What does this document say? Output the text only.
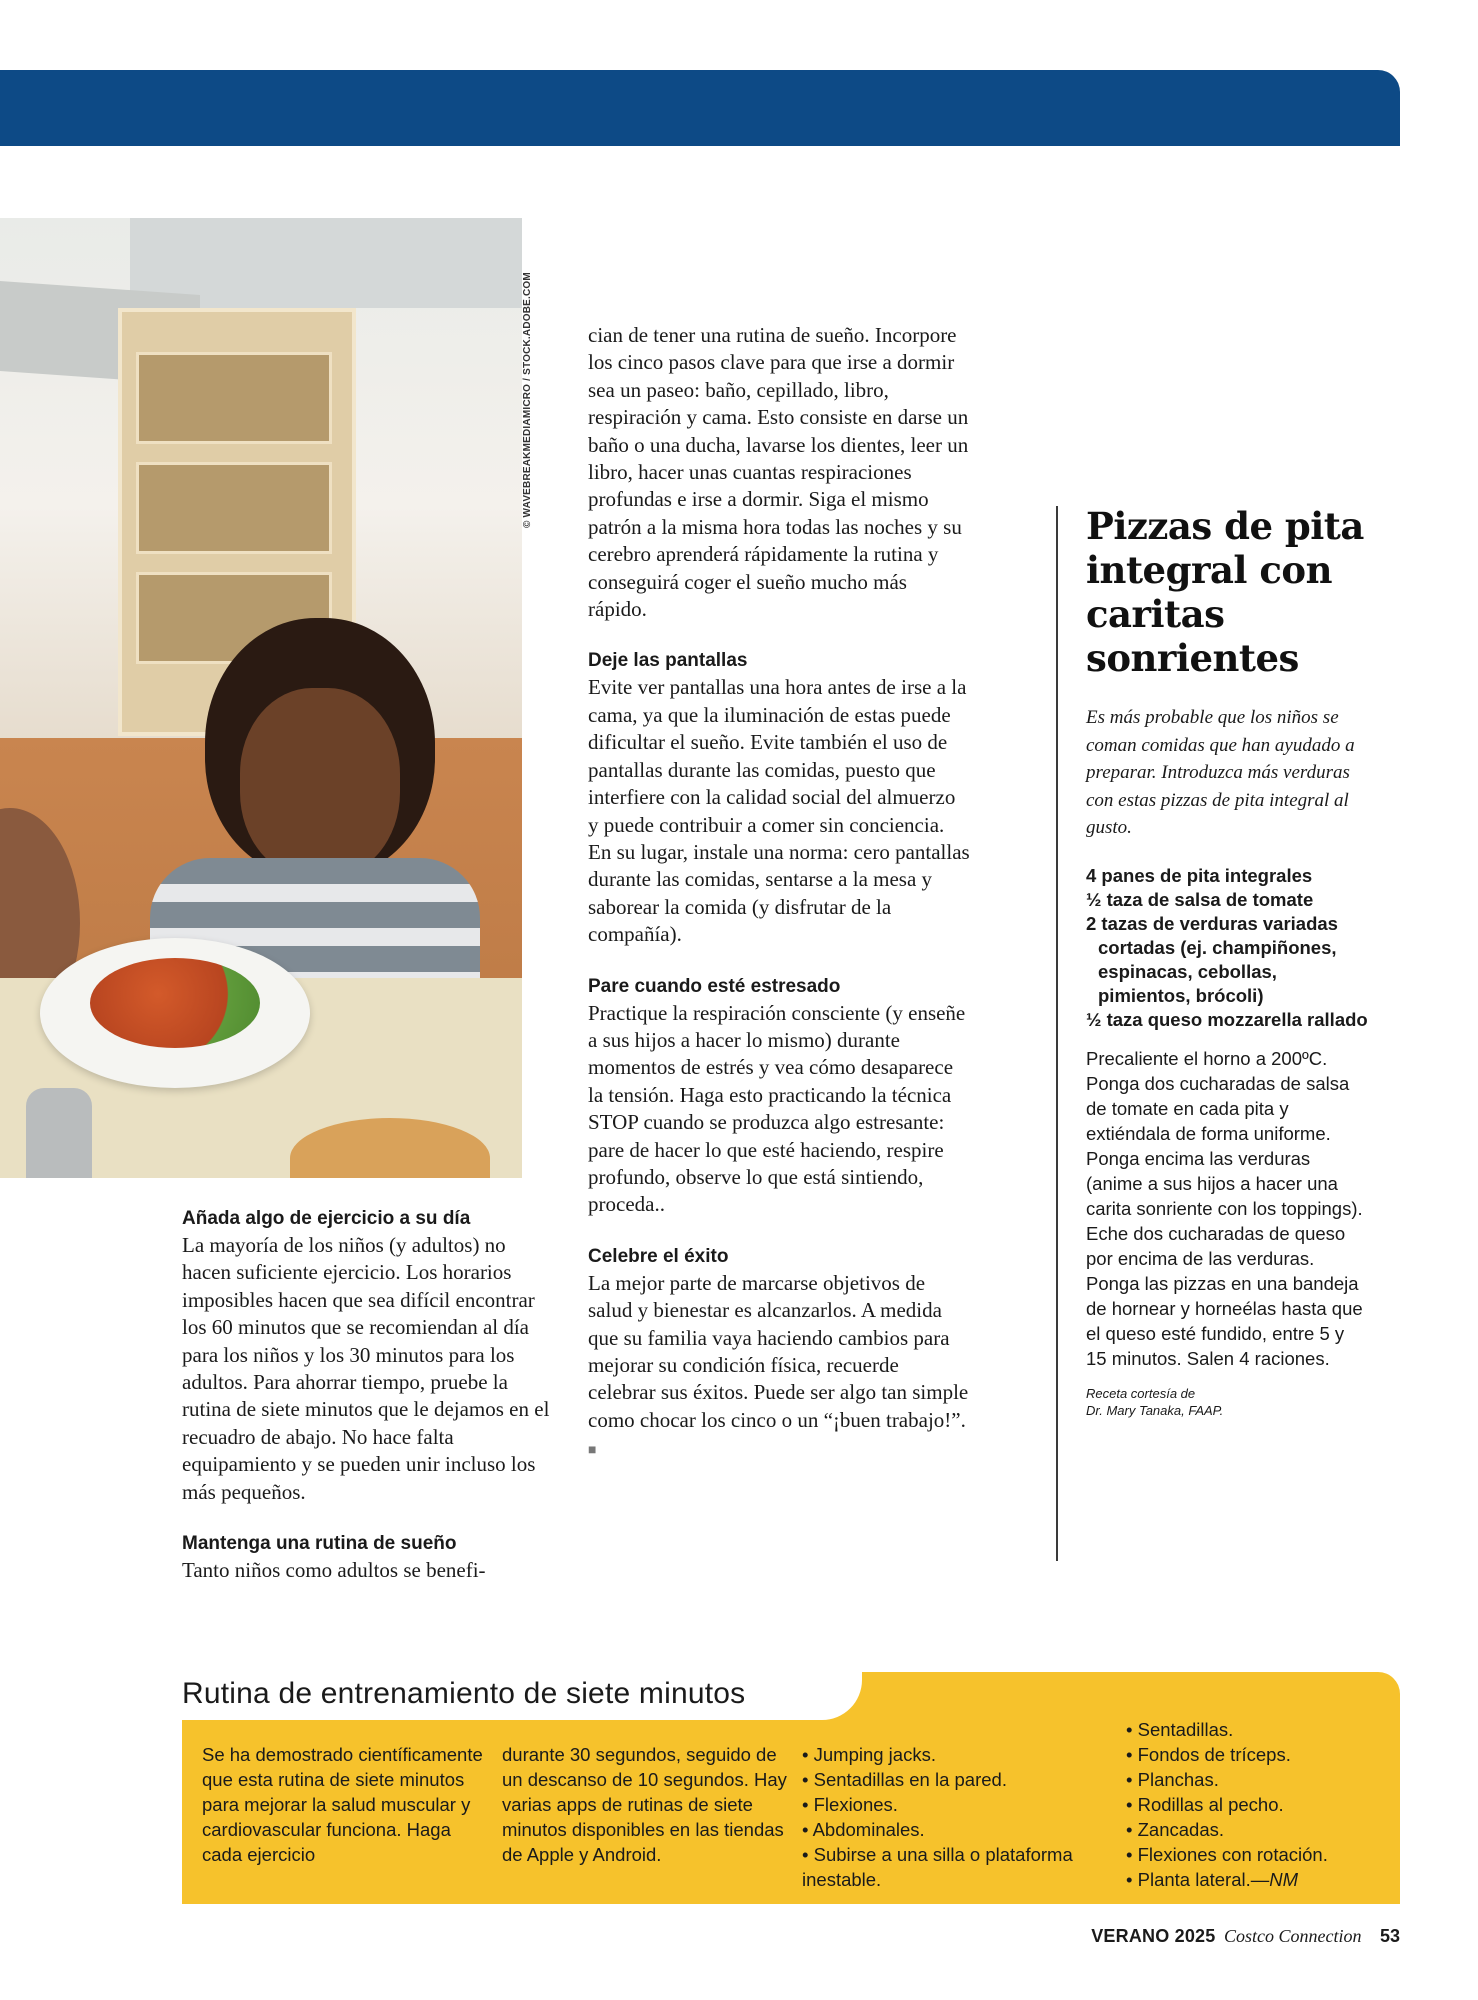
© WAVEBREAKMEDIAMICRO / STOCK.ADOBE.COM
Añada algo de ejercicio a su día

La mayoría de los niños (y adultos) no hacen suficiente ejercicio. Los horarios imposibles hacen que sea difícil encontrar los 60 minutos que se recomiendan al día para los niños y los 30 minutos para los adultos. Para ahorrar tiempo, pruebe la rutina de siete minutos que le dejamos en el recuadro de abajo. No hace falta equipamiento y se pueden unir incluso los más pequeños.

Mantenga una rutina de sueño

Tanto niños como adultos se benefi-

cian de tener una rutina de sueño. Incorpore los cinco pasos clave para que irse a dormir sea un paseo: baño, cepillado, libro, respiración y cama. Esto consiste en darse un baño o una ducha, lavarse los dientes, leer un libro, hacer unas cuantas respiraciones profundas e irse a dormir. Siga el mismo patrón a la misma hora todas las noches y su cerebro aprenderá rápidamente la rutina y conseguirá coger el sueño mucho más rápido.

Deje las pantallas

Evite ver pantallas una hora antes de irse a la cama, ya que la iluminación de estas puede dificultar el sueño. Evite también el uso de pantallas durante las comidas, puesto que interfiere con la calidad social del almuerzo y puede contribuir a comer sin conciencia. En su lugar, instale una norma: cero pantallas durante las comidas, sentarse a la mesa y saborear la comida (y disfrutar de la compañía).

Pare cuando esté estresado

Practique la respiración consciente (y enseñe a sus hijos a hacer lo mismo) durante momentos de estrés y vea cómo desaparece la tensión. Haga esto practicando la técnica STOP cuando se produzca algo estresante: pare de hacer lo que esté haciendo, respire profundo, observe lo que está sintiendo, proceda..

Celebre el éxito

La mejor parte de marcarse objetivos de salud y bienestar es alcanzarlos. A medida que su familia vaya haciendo cambios para mejorar su condición física, recuerde celebrar sus éxitos. Puede ser algo tan simple como chocar los cinco o un “¡buen trabajo!”. ■

Pizzas de pita integral con caritas sonrientes

Es más probable que los niños se coman comidas que han ayudado a preparar. Introduzca más verduras con estas pizzas de pita integral al gusto.

4 panes de pita integrales
½ taza de salsa de tomate
2 tazas de verduras variadas cortadas (ej. champiñones, espinacas, cebollas, pimientos, brócoli)
½ taza queso mozzarella rallado

Precaliente el horno a 200ºC. Ponga dos cucharadas de salsa de tomate en cada pita y extiéndala de forma uniforme. Ponga encima las verduras (anime a sus hijos a hacer una carita sonriente con los toppings). Eche dos cucharadas de queso por encima de las verduras. Ponga las pizzas en una bandeja de hornear y horneélas hasta que el queso esté fundido, entre 5 y 15 minutos. Salen 4 raciones.

Receta cortesía de
Dr. Mary Tanaka, FAAP.

Rutina de entrenamiento de siete minutos

Se ha demostrado científicamente que esta rutina de siete minutos para mejorar la salud muscular y cardiovascular funciona. Haga cada ejercicio

durante 30 segundos, seguido de un descanso de 10 segundos. Hay varias apps de rutinas de siete minutos disponibles en las tiendas de Apple y Android.

• Jumping jacks.
• Sentadillas en la pared.
• Flexiones.
• Abdominales.
• Subirse a una silla o plataforma inestable.
• Sentadillas.
• Fondos de tríceps.
• Planchas.
• Rodillas al pecho.
• Zancadas.
• Flexiones con rotación.
• Planta lateral.—NM
VERANO 2025 Costco Connection 53
